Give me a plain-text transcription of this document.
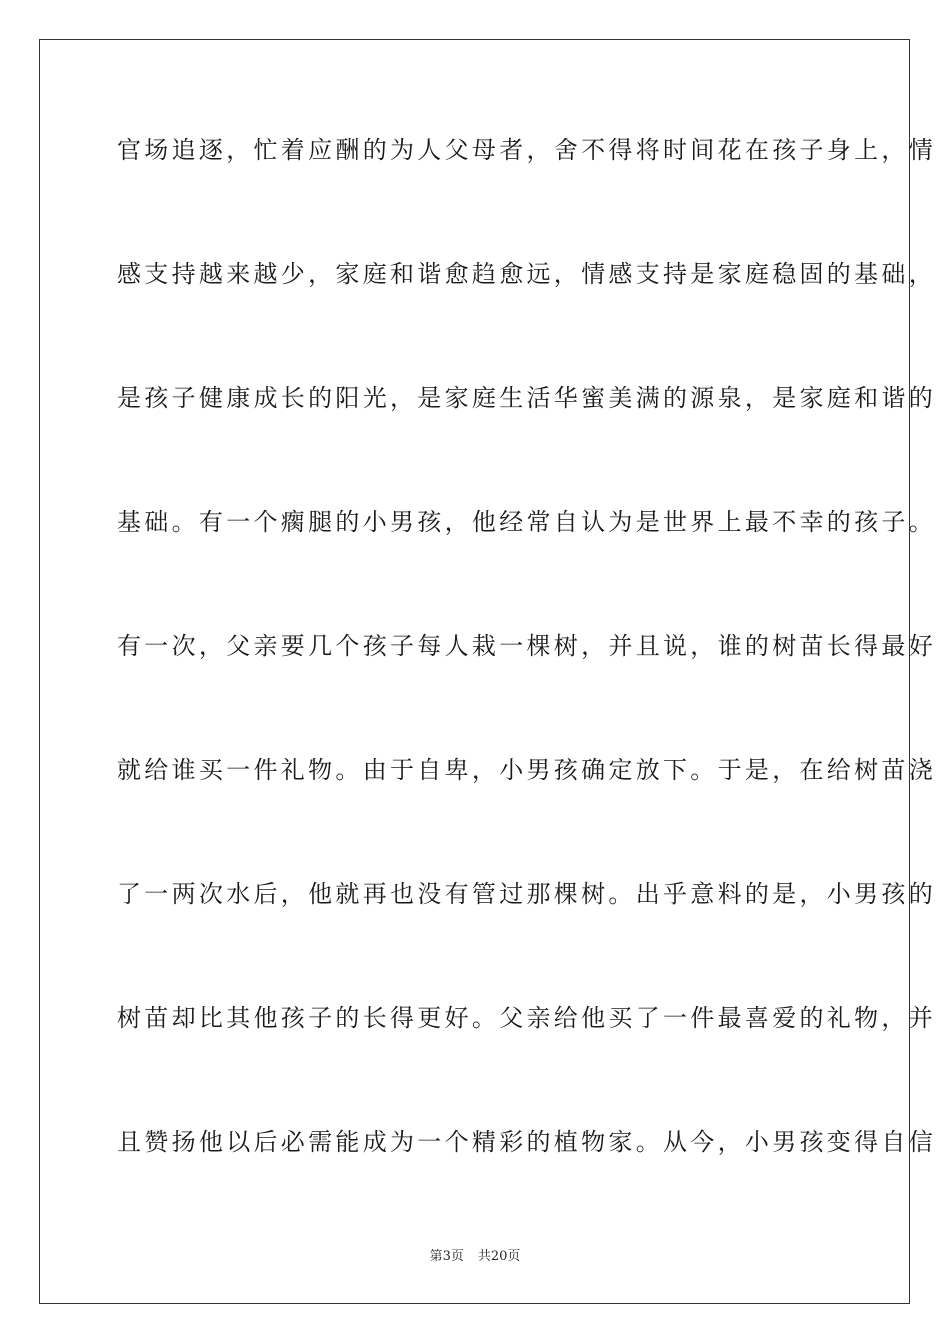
官场追逐，忙着应酬的为人父母者，舍不得将时间花在孩子身上，情
感支持越来越少，家庭和谐愈趋愈远，情感支持是家庭稳固的基础，
是孩子健康成长的阳光，是家庭生活华蜜美满的源泉，是家庭和谐的
基础。有一个瘸腿的小男孩，他经常自认为是世界上最不幸的孩子。
有一次，父亲要几个孩子每人栽一棵树，并且说，谁的树苗长得最好
就给谁买一件礼物。由于自卑，小男孩确定放下。于是，在给树苗浇
了一两次水后，他就再也没有管过那棵树。出乎意料的是，小男孩的
树苗却比其他孩子的长得更好。父亲给他买了一件最喜爱的礼物，并
且赞扬他以后必需能成为一个精彩的植物家。从今，小男孩变得自信
第3页 共20页
